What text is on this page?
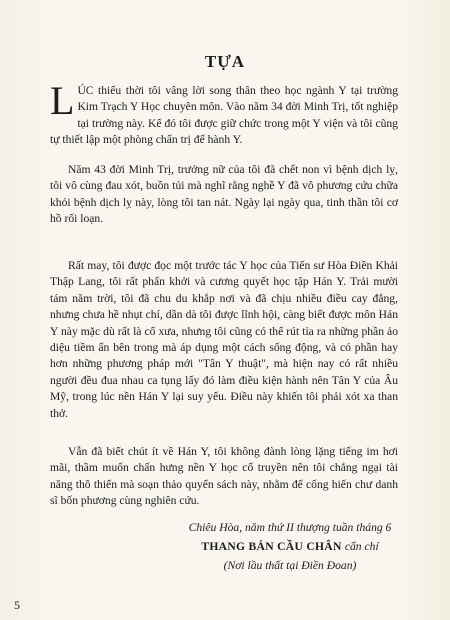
TỰA
LÚC thiếu thời tôi vâng lời song thân theo học ngành Y tại trường Kim Trạch Y Học chuyên môn. Vào năm 34 đời Minh Trị, tốt nghiệp tại trường này. Kế đó tôi được giữ chức trong một Y viện và tôi cũng tự thiết lập một phòng chẩn trị để hành Y.
Năm 43 đời Minh Trị, trưởng nữ của tôi đã chết non vì bệnh dịch lỵ, tôi vô cùng đau xót, buồn tủi mà nghĩ rằng nghề Y đã vô phương cứu chữa khỏi bệnh dịch lỵ này, lòng tôi tan nát. Ngày lại ngày qua, tinh thần tôi cơ hồ rối loạn.
Rất may, tôi được đọc một trước tác Y học của Tiến sư Hòa Điền Khải Thập Lang, tôi rất phấn khởi và cương quyết học tập Hán Y. Trải mười tám năm trời, tôi đã chu du khắp nơi và đã chịu nhiều điều cay đắng, nhưng chưa hề nhụt chí, dần dà tôi được lĩnh hội, càng biết được môn Hán Y này mặc dù rất là cổ xưa, nhưng tôi cũng có thể rút tỉa ra những phần ảo diệu tiềm ẩn bên trong mà áp dụng một cách sống động, và có phần hay hơn những phương pháp mới "Tân Y thuật", mà hiện nay có rất nhiều người đều đua nhau ca tụng lấy đó làm điều kiện hành nên Tân Y của Âu Mỹ, trong lúc nền Hán Y lại suy yếu. Điều này khiến tôi phải xót xa than thở.
Vẫn đã biết chút ít về Hán Y, tôi không đành lòng lặng tiếng im hơi mãi, thầm muốn chấn hưng nền Y học cổ truyền nên tôi chẳng ngại tài năng thô thiển mà soạn thảo quyển sách này, nhằm để cống hiến chư danh sĩ bốn phương cùng nghiên cứu.
Chiêu Hòa, năm thứ II thượng tuần tháng 6
THANG BẢN CẦU CHÂN cẩn chí
(Nơi lầu thất tại Điền Đoan)
5
